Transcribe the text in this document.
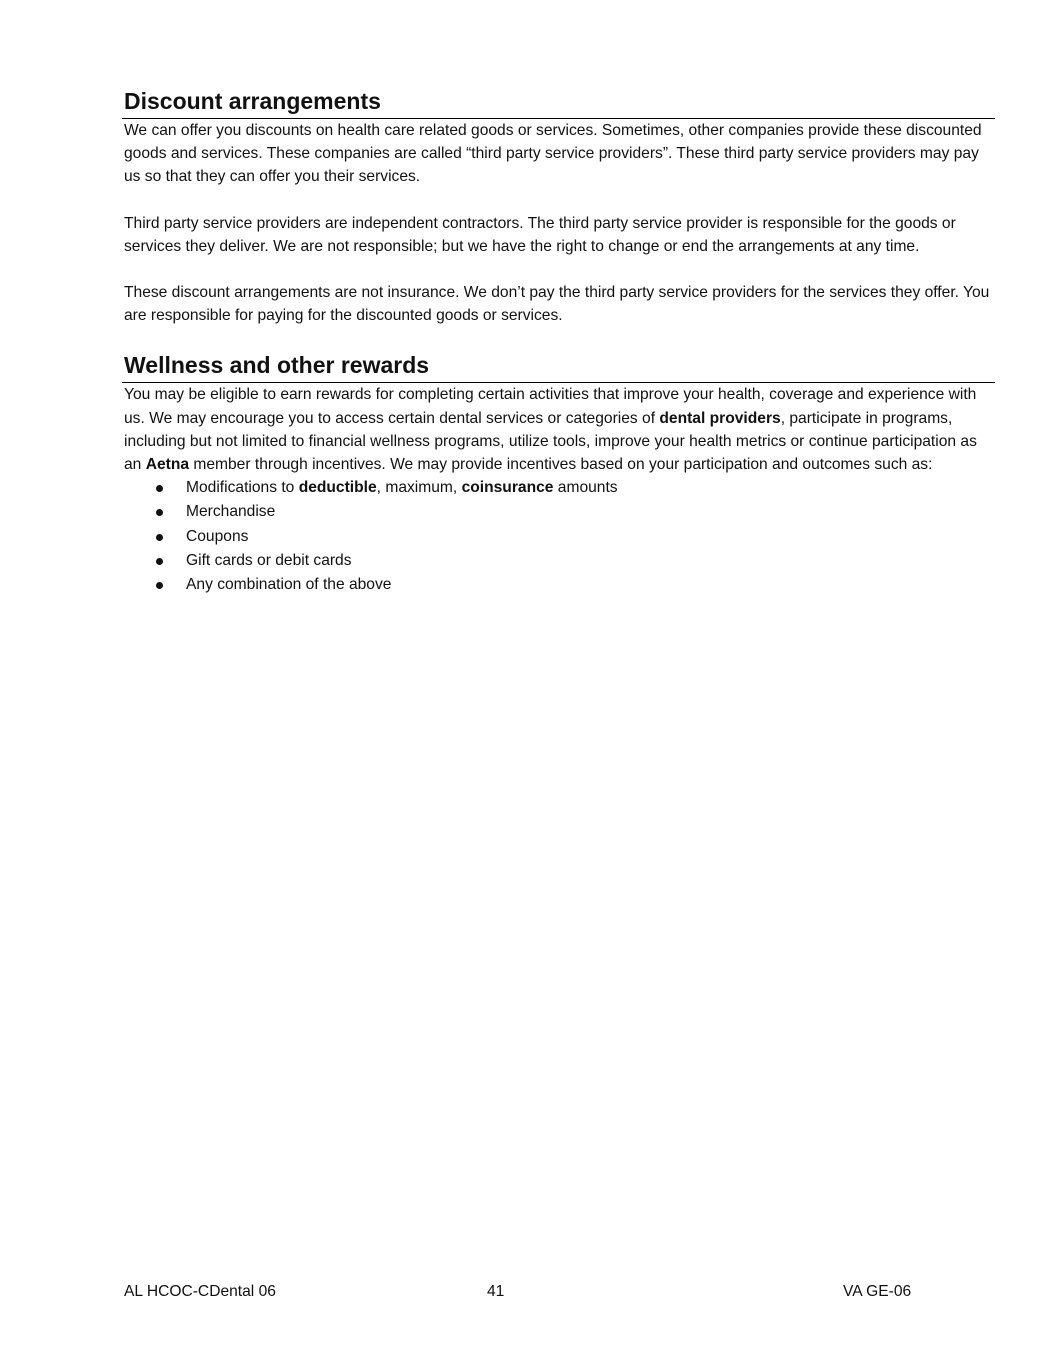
Discount arrangements

We can offer you discounts on health care related goods or services. Sometimes, other companies provide these discounted goods and services. These companies are called “third party service providers”. These third party service providers may pay us so that they can offer you their services.

Third party service providers are independent contractors. The third party service provider is responsible for the goods or services they deliver. We are not responsible; but we have the right to change or end the arrangements at any time.

These discount arrangements are not insurance. We don’t pay the third party service providers for the services they offer. You are responsible for paying for the discounted goods or services.

Wellness and other rewards

You may be eligible to earn rewards for completing certain activities that improve your health, coverage and experience with us. We may encourage you to access certain dental services or categories of dental providers, participate in programs, including but not limited to financial wellness programs, utilize tools, improve your health metrics or continue participation as an Aetna member through incentives. We may provide incentives based on your participation and outcomes such as:

Modifications to deductible, maximum, coinsurance amounts
Merchandise
Coupons
Gift cards or debit cards
Any combination of the above
AL HCOC-CDental 06	41	VA GE-06
